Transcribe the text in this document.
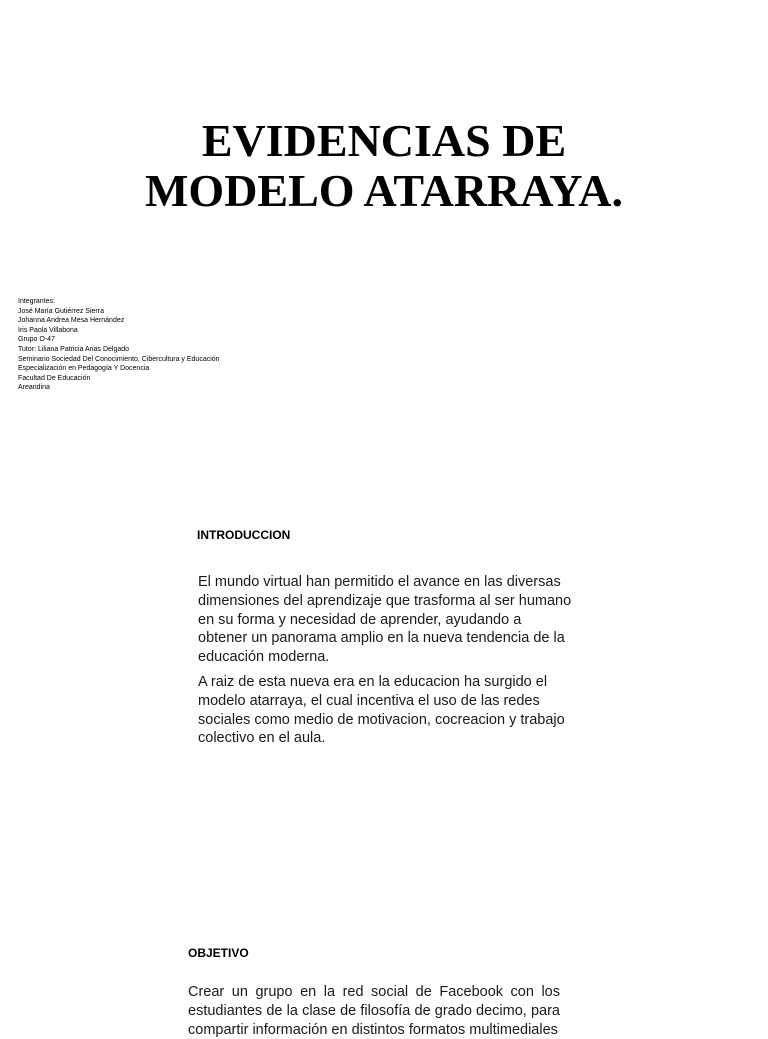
EVIDENCIAS DE
MODELO ATARRAYA.
Integrantes:
José María Gutiérrez Sierra
Johanna Andrea Mesa Hernández
Iris Paola Villabona
Grupo O-47
Tutor: Liliana Patricia Arias Delgado
Seminario Sociedad Del Conocimiento, Cibercultura y Educación
Especialización en Pedagogía Y Docencia
Facultad De Educación
Areandina
INTRODUCCION

El mundo virtual han permitido el avance en las diversas dimensiones del aprendizaje que trasforma al ser humano en su forma y necesidad de aprender, ayudando a obtener un panorama amplio en la nueva tendencia de la educación moderna.

A raiz de esta nueva era en la educacion ha surgido el modelo atarraya, el cual incentiva el uso de las redes sociales como medio de motivacion, cocreacion y trabajo colectivo en el aula.

OBJETIVO

Crear un grupo en la red social de Facebook con los estudiantes de la clase de filosofía de grado decimo, para compartir información en distintos formatos multimediales
